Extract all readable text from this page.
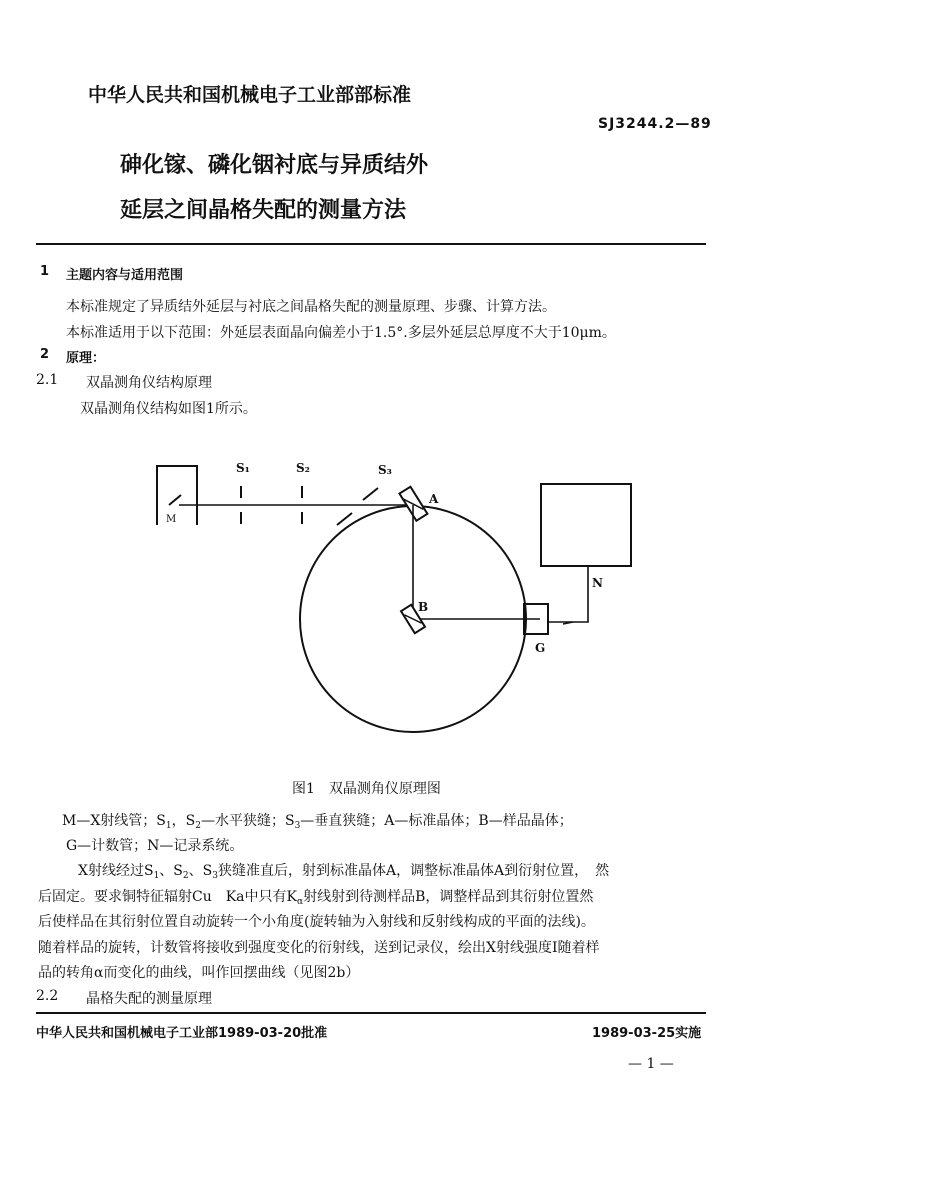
中华人民共和国机械电子工业部部标准
SJ3244.2—89
砷化镓、磷化铟衬底与异质结外
延层之间晶格失配的测量方法
1 主题内容与适用范围
本标准规定了异质结外延层与衬底之间晶格失配的测量原理、步骤、计算方法。
本标准适用于以下范围：外延层表面晶向偏差小于1.5°.多层外延层总厚度不大于10μm。
2 原理：
2.1 双晶测角仪结构原理
双晶测角仪结构如图1所示。
S₁	S₂	S₃
A
B
N
G
M
图1　双晶测角仪原理图
M—X射线管；$S_1$，$S_2—$水平狭缝；$S_3—$垂直狭缝；A—标准晶体；B—样品晶体；
G—计数管；N—记录系统。
X射线经过$S_1$、$S_2$、$S_3$狭缝准直后，射到标准晶体A，调整标准晶体A到衍射位置，　然
后固定。要求铜特征辐射Cu　Ka中只有$K_\alpha$射线射到待测样品B，调整样品到其衍射位置然
后使样品在其衍射位置自动旋转一个小角度(旋转轴为入射线和反射线构成的平面的法线)。
随着样品的旋转，计数管将接收到强度变化的衍射线，送到记录仪，绘出X射线强度I随着样
品的转角α而变化的曲线，叫作回摆曲线（见图2b）
2.2 晶格失配的测量原理
中华人民共和国机械电子工业部1989-03-20批准	1989-03-25实施
— 1 —
